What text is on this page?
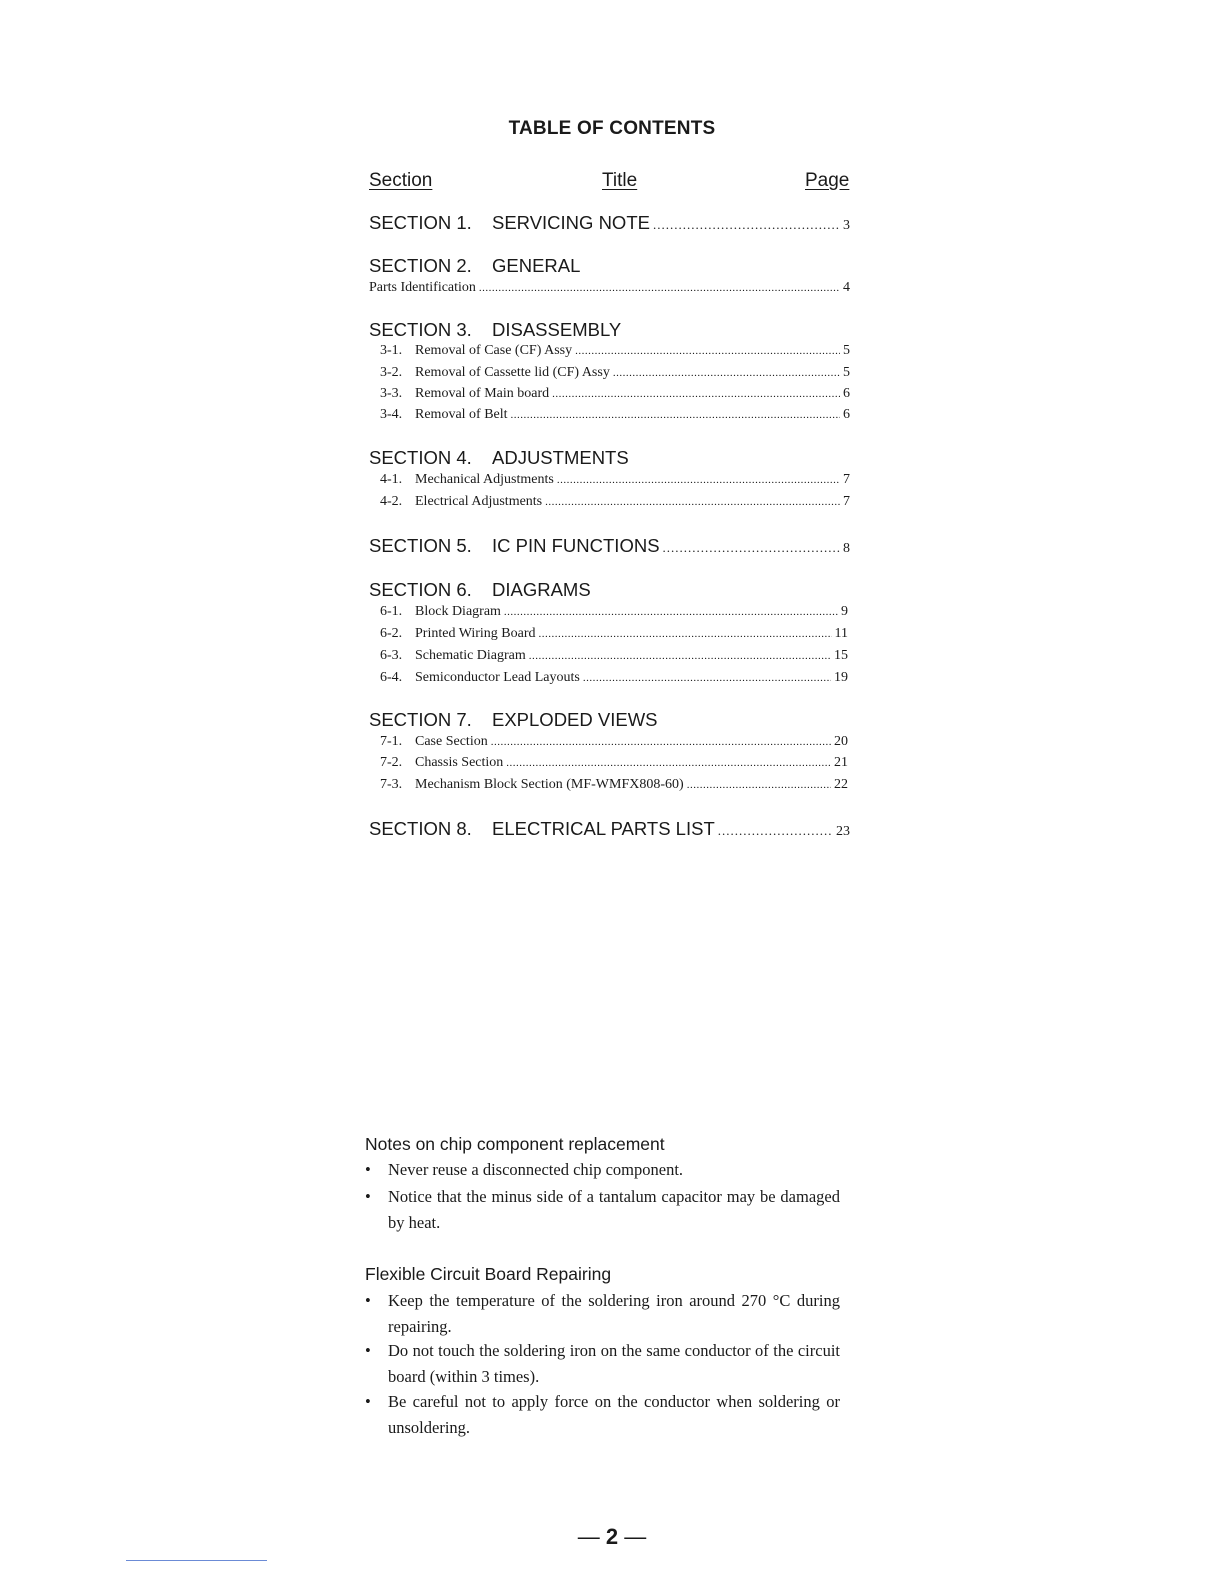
TABLE OF CONTENTS
Section	Title	Page
SECTION 1.	SERVICING NOTE .....	3
SECTION 2.	GENERAL
Parts Identification .....	4
SECTION 3.	DISASSEMBLY
3-1. Removal of Case (CF) Assy .....	5
3-2. Removal of Cassette lid (CF) Assy .....	5
3-3. Removal of Main board .....	6
3-4. Removal of Belt .....	6
SECTION 4.	ADJUSTMENTS
4-1. Mechanical Adjustments .....	7
4-2. Electrical Adjustments .....	7
SECTION 5.	IC PIN FUNCTIONS .....	8
SECTION 6.	DIAGRAMS
6-1. Block Diagram .....	9
6-2. Printed Wiring Board .....	11
6-3. Schematic Diagram .....	15
6-4. Semiconductor Lead Layouts .....	19
SECTION 7.	EXPLODED VIEWS
7-1. Case Section .....	20
7-2. Chassis Section .....	21
7-3. Mechanism Block Section (MF-WMFX808-60) .....	22
SECTION 8.	ELECTRICAL PARTS LIST .....	23
Notes on chip component replacement
• Never reuse a disconnected chip component.
• Notice that the minus side of a tantalum capacitor may be damaged by heat.
Flexible Circuit Board Repairing
• Keep the temperature of the soldering iron around 270 °C during repairing.
• Do not touch the soldering iron on the same conductor of the circuit board (within 3 times).
• Be careful not to apply force on the conductor when soldering or unsoldering.
— 2 —
